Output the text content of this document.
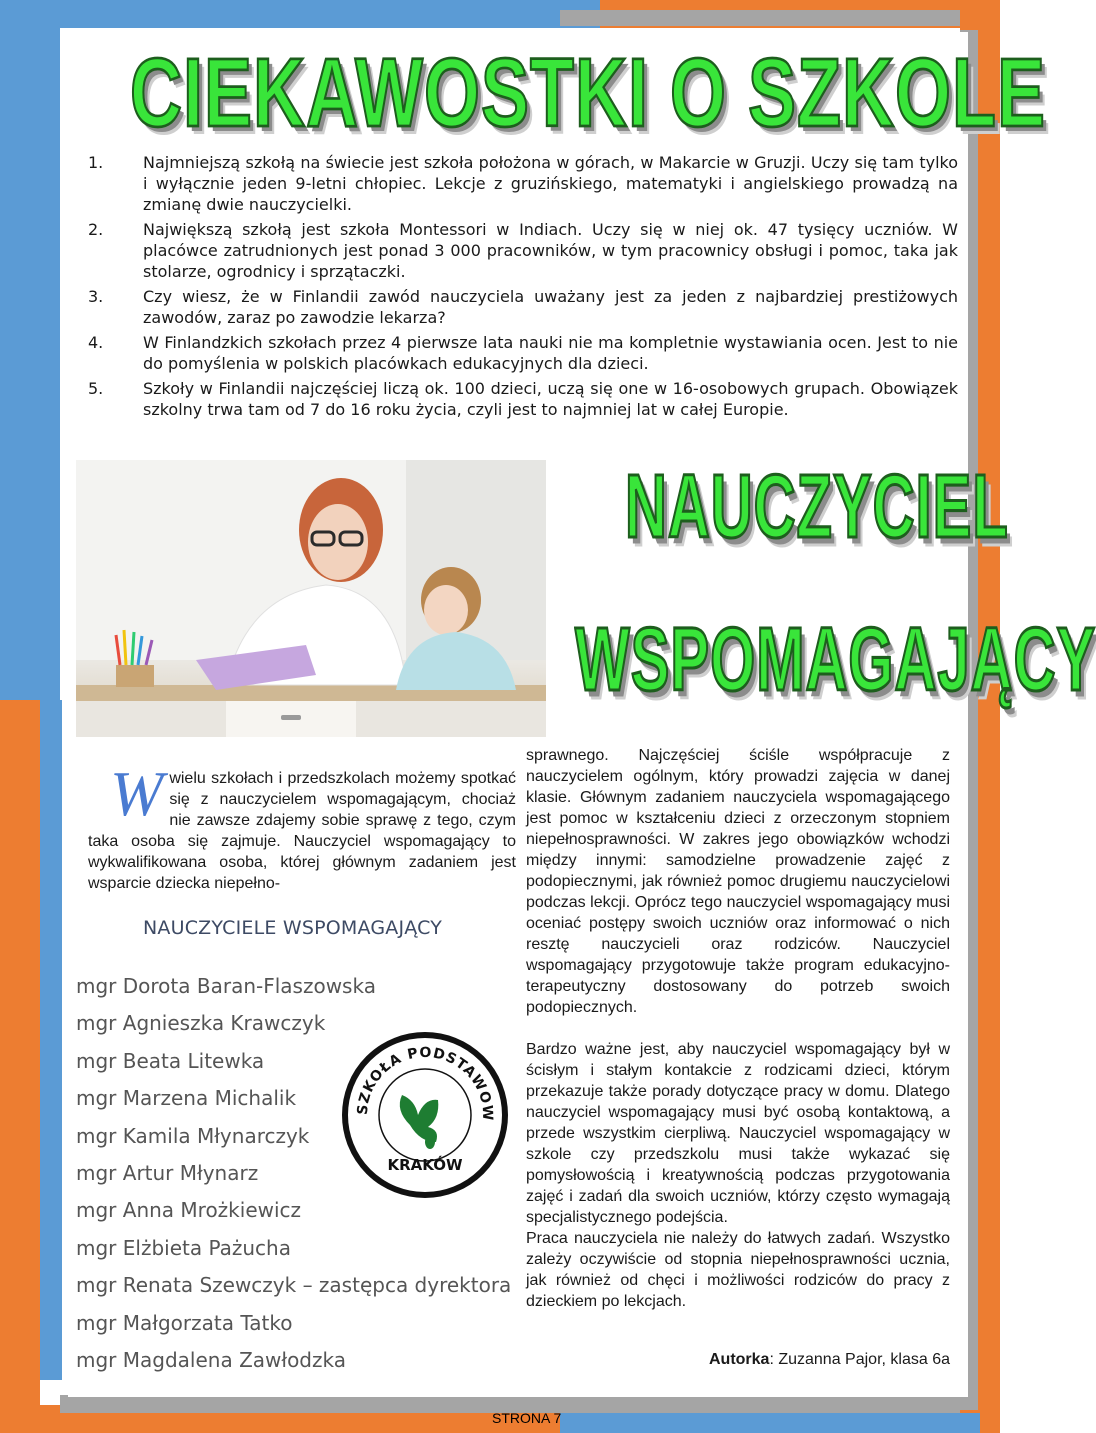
CIEKAWOSTKI O SZKOLE
1. Najmniejszą szkołą na świecie jest szkoła położona w górach, w Makarcie w Gruzji. Uczy się tam tylko i wyłącznie jeden 9-letni chłopiec. Lekcje z gruzińskiego, matematyki i angielskiego prowadzą na zmianę dwie nauczycielki.
2. Największą szkołą jest szkoła Montessori w Indiach. Uczy się w niej ok. 47 tysięcy uczniów. W placówce zatrudnionych jest ponad 3 000 pracowników, w tym pracownicy obsługi i pomoc, taka jak stolarze, ogrodnicy i sprzątaczki.
3. Czy wiesz, że w Finlandii zawód nauczyciela uważany jest za jeden z najbardziej prestiżowych zawodów, zaraz po zawodzie lekarza?
4. W Finlandzkich szkołach przez 4 pierwsze lata nauki nie ma kompletnie wystawiania ocen. Jest to nie do pomyślenia w polskich placówkach edukacyjnych dla dzieci.
5. Szkoły w Finlandii najczęściej liczą ok. 100 dzieci, uczą się one w 16-osobowych grupach. Obowiązek szkolny trwa tam od 7 do 16 roku życia, czyli jest to najmniej lat w całej Europie.
NAUCZYCIEL
WSPOMAGAJĄCY
Wwielu szkołach i przedszkolach możemy spotkać się z nauczycielem wspomagającym, chociaż nie zawsze zdajemy sobie sprawę z tego, czym taka osoba się zajmuje. Nauczyciel wspomagający to wykwalifikowana osoba, której głównym zadaniem jest wsparcie dziecka niepełno-

sprawnego. Najczęściej ściśle współpracuje z nauczycielem ogólnym, który prowadzi zajęcia w danej klasie. Głównym zadaniem nauczyciela wspomagającego jest pomoc w kształceniu dzieci z orzeczonym stopniem niepełnosprawności. W zakres jego obowiązków wchodzi między innymi: samodzielne prowadzenie zajęć z podopiecznymi, jak również pomoc drugiemu nauczycielowi podczas lekcji. Oprócz tego nauczyciel wspomagający musi oceniać postępy swoich uczniów oraz informować o nich resztę nauczycieli oraz rodziców. Nauczyciel wspomagający przygotowuje także program edukacyjno-terapeutyczny dostosowany do potrzeb swoich podopiecznych.

Bardzo ważne jest, aby nauczyciel wspomagający był w ścisłym i stałym kontakcie z rodzicami dzieci, którym przekazuje także porady dotyczące pracy w domu. Dlatego nauczyciel wspomagający musi być osobą kontaktową, a przede wszystkim cierpliwą. Nauczyciel wspomagający w szkole czy przedszkolu musi także wykazać się pomysłowością i kreatywnością podczas przygotowania zajęć i zadań dla swoich uczniów, którzy często wymagają specjalistycznego podejścia.

Praca nauczyciela nie należy do łatwych zadań. Wszystko zależy oczywiście od stopnia niepełnosprawności ucznia, jak również od chęci i możliwości rodziców do pracy z dzieckiem po lekcjach.

Autorka: Zuzanna Pajor, klasa 6a
NAUCZYCIELE WSPOMAGAJĄCY
mgr Dorota Baran-Flaszowska
mgr Agnieszka Krawczyk
mgr Beata Litewka
mgr Marzena Michalik
mgr Kamila Młynarczyk
mgr Artur Młynarz
mgr Anna Mrożkiewicz
mgr Elżbieta Pażucha
mgr Renata Szewczyk – zastępca dyrektora
mgr Małgorzata Tatko
mgr Magdalena Zawłodzka
SZKOŁA PODSTAWOW
KRAKÓW
STRONA 7
